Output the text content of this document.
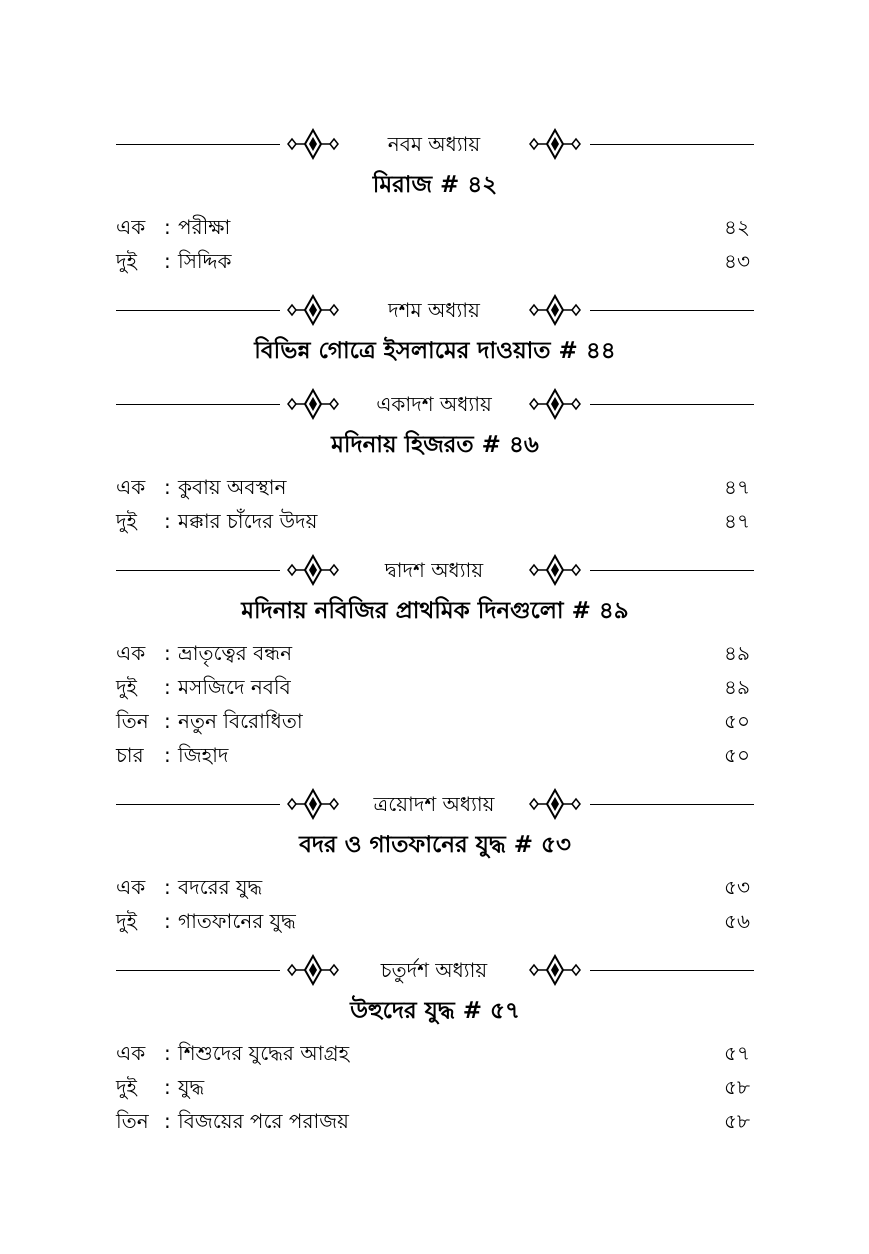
নবম অধ্যায়
মিরাজ # ৪২
এক : পরীক্ষা	৪২
দুই	: সিদ্দিক	৪৩
দশম অধ্যায়
বিভিন্ন গোত্রে ইসলামের দাওয়াত # ৪৪
একাদশ অধ্যায়
মদিনায় হিজরত # ৪৬
এক : কুবায় অবস্থান	৪৭
দুই	: মক্কার চাঁদের উদয়	৪৭
দ্বাদশ অধ্যায়
মদিনায় নবিজির প্রাথমিক দিনগুলো # ৪৯
এক : ভ্রাতৃত্বের বন্ধন	৪৯
দুই	: মসজিদে নববি	৪৯
তিন : নতুন বিরোধিতা	৫০
চার	: জিহাদ	৫০
ত্রয়োদশ অধ্যায়
বদর ও গাতফানের যুদ্ধ # ৫৩
এক : বদরের যুদ্ধ	৫৩
দুই	: গাতফানের যুদ্ধ	৫৬
চতুর্দশ অধ্যায়
উহুদের যুদ্ধ # ৫৭
এক : শিশুদের যুদ্ধের আগ্রহ	৫৭
দুই	: যুদ্ধ	৫৮
তিন : বিজয়ের পরে পরাজয়	৫৮
